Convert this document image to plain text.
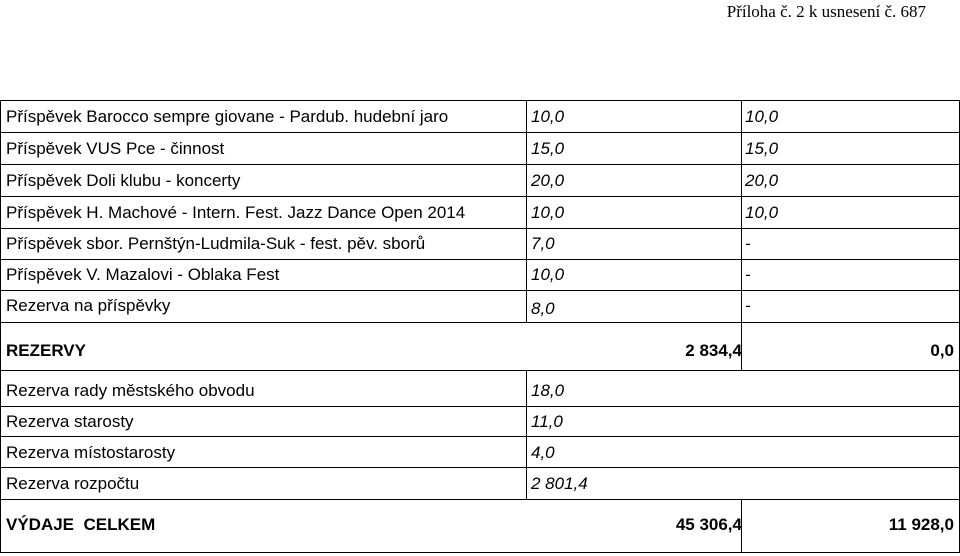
Příloha č. 2 k usnesení č. 687
Příspěvek Barocco sempre giovane - Pardub. hudební jaro	10,0	10,0
Příspěvek VUS Pce - činnost	15,0	15,0
Příspěvek Doli klubu - koncerty	20,0	20,0
Příspěvek H. Machové - Intern. Fest. Jazz Dance Open 2014	10,0	10,0
Příspěvek sbor. Pernštýn-Ludmila-Suk - fest. pěv. sborů	7,0	-
Příspěvek V. Mazalovi - Oblaka Fest	10,0	-
Rezerva na příspěvky	8,0	-
REZERVY	2 834,4	0,0
Rezerva rady městského obvodu	18,0
Rezerva starosty	11,0
Rezerva místostarosty	4,0
Rezerva rozpočtu	2 801,4
VÝDAJE  CELKEM	45 306,4	11 928,0
